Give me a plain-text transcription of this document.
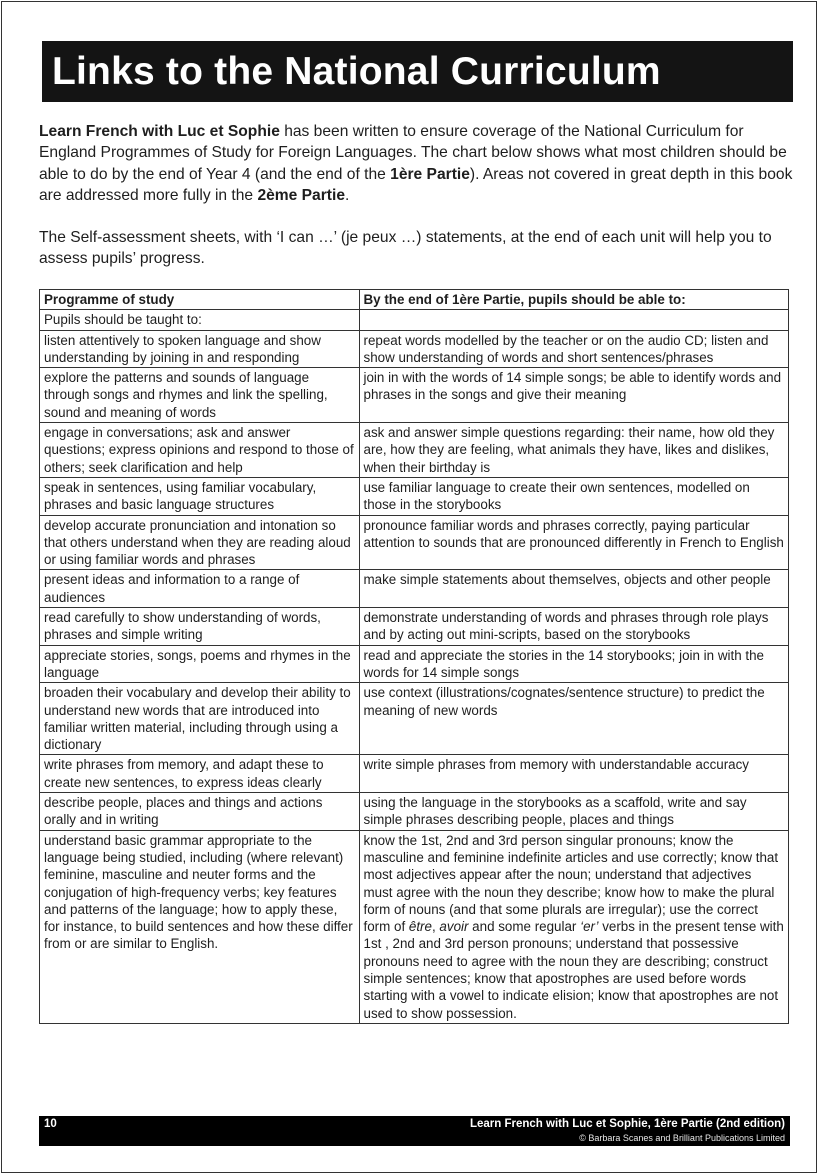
Links to the National Curriculum

Learn French with Luc et Sophie has been written to ensure coverage of the National Curriculum for England Programmes of Study for Foreign Languages. The chart below shows what most children should be able to do by the end of Year 4 (and the end of the 1ère Partie). Areas not covered in great depth in this book are addressed more fully in the 2ème Partie.

The Self-assessment sheets, with ‘I can …’ (je peux …) statements, at the end of each unit will help you to assess pupils’ progress.

Programme of study	By the end of 1ère Partie, pupils should be able to:
Pupils should be taught to:	
listen attentively to spoken language and show understanding by joining in and responding	repeat words modelled by the teacher or on the audio CD; listen and show understanding of words and short sentences/phrases
explore the patterns and sounds of language through songs and rhymes and link the spelling, sound and meaning of words	join in with the words of 14 simple songs; be able to identify words and phrases in the songs and give their meaning
engage in conversations; ask and answer questions; express opinions and respond to those of others; seek clarification and help	ask and answer simple questions regarding: their name, how old they are, how they are feeling, what animals they have, likes and dislikes, when their birthday is
speak in sentences, using familiar vocabulary, phrases and basic language structures	use familiar language to create their own sentences, modelled on those in the storybooks
develop accurate pronunciation and intonation so that others understand when they are reading aloud or using familiar words and phrases	pronounce familiar words and phrases correctly, paying particular attention to sounds that are pronounced differently in French to English
present ideas and information to a range of audiences	make simple statements about themselves, objects and other people
read carefully to show understanding of words, phrases and simple writing	demonstrate understanding of words and phrases through role plays and by acting out mini-scripts, based on the storybooks
appreciate stories, songs, poems and rhymes in the language	read and appreciate the stories in the 14 storybooks; join in with the words for 14 simple songs
broaden their vocabulary and develop their ability to understand new words that are introduced into familiar written material, including through using a dictionary	use context (illustrations/cognates/sentence structure) to predict the meaning of new words
write phrases from memory, and adapt these to create new sentences, to express ideas clearly	write simple phrases from memory with understandable accuracy
describe people, places and things and actions orally and in writing	using the language in the storybooks as a scaffold, write and say simple phrases describing people, places and things
understand basic grammar appropriate to the language being studied, including (where relevant) feminine, masculine and neuter forms and the conjugation of high-frequency verbs; key features and patterns of the language; how to apply these, for instance, to build sentences and how these differ from or are similar to English.	know the 1st, 2nd and 3rd person singular pronouns; know the masculine and feminine indefinite articles and use correctly; know that most adjectives appear after the noun; understand that adjectives must agree with the noun they describe; know how to make the plural form of nouns (and that some plurals are irregular); use the correct form of être, avoir and some regular ‘er’ verbs in the present tense with 1st , 2nd and 3rd person pronouns; understand that possessive pronouns need to agree with the noun they are describing; construct simple sentences; know that apostrophes are used before words starting with a vowel to indicate elision; know that apostrophes are not used to show possession.
10	Learn French with Luc et Sophie, 1ère Partie (2nd edition)
© Barbara Scanes and Brilliant Publications Limited
